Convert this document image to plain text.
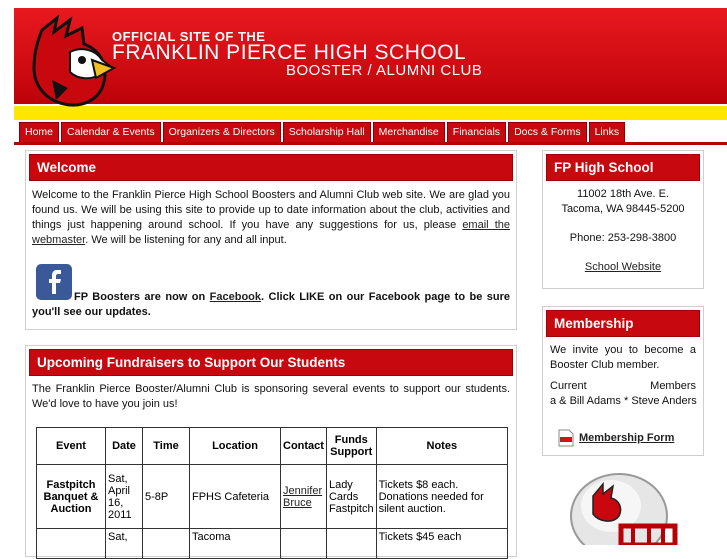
OFFICIAL SITE OF THE
FRANKLIN PIERCE HIGH SCHOOL
BOOSTER / ALUMNI CLUB
Home	Calendar & Events	Organizers & Directors	Scholarship Hall	Merchandise	Financials	Docs & Forms	Links
Welcome
Welcome to the Franklin Pierce High School Boosters and Alumni Club web site. We are glad you found us. We will be using this site to provide up to date information about the club, activities and things just happening around school. If you have any suggestions for us, please email the webmaster. We will be listening for any and all input.
FP Boosters are now on Facebook. Click LIKE on our Facebook page to be sure you'll see our updates.
Upcoming Fundraisers to Support Our Students
The Franklin Pierce Booster/Alumni Club is sponsoring several events to support our students. We'd love to have you join us!
Event	Date	Time	Location	Contact	Funds Support	Notes
Fastpitch Banquet & Auction	Sat, April 16, 2011	5-8P	FPHS Cafeteria	Jennifer Bruce	Lady Cards Fastpitch	Tickets $8 each. Donations needed for silent auction.
	Sat,		Tacoma			Tickets $45 each
FP High School
11002 18th Ave. E.
Tacoma, WA 98445-5200
Phone: 253-298-3800
School Website
Membership
We invite you to become a Booster Club member.
Current	Members
a & Bill Adams * Steve Anders
Membership Form
